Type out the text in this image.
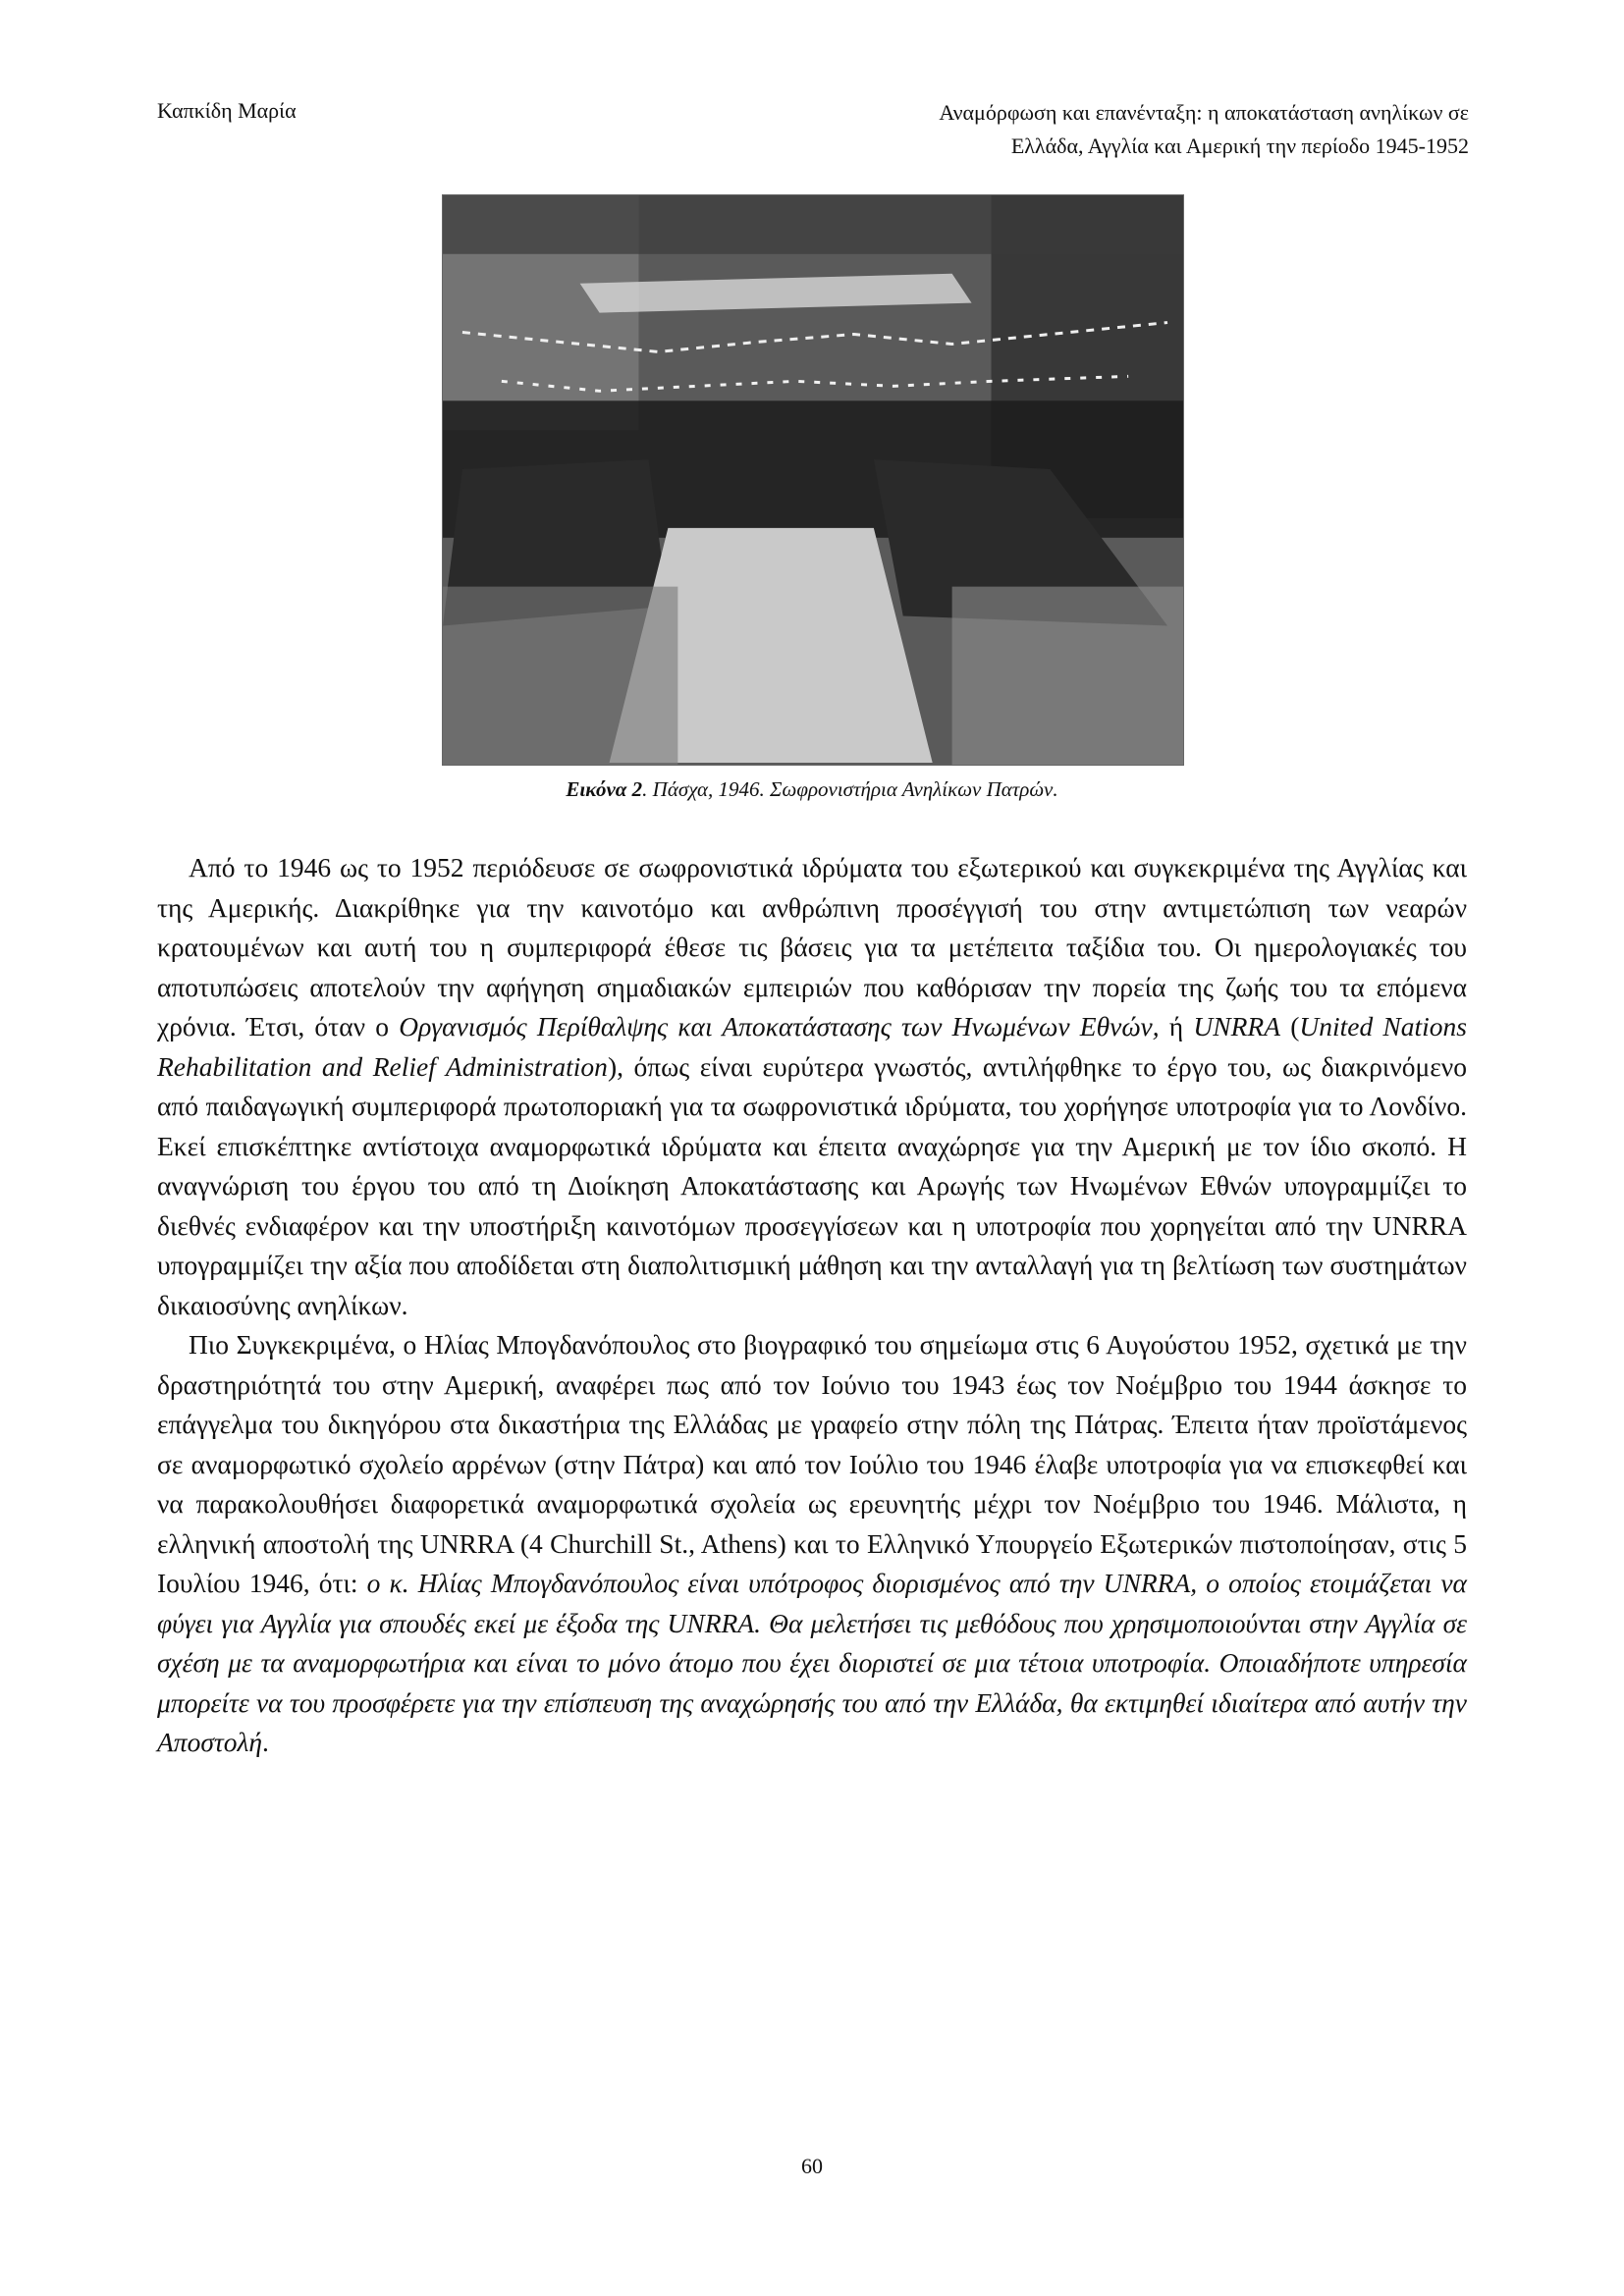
Καπκίδη Μαρία	Αναμόρφωση και επανένταξη: η αποκατάσταση ανηλίκων σε
Ελλάδα, Αγγλία και Αμερική την περίοδο 1945-1952
Εικόνα 2. Πάσχα, 1946. Σωφρονιστήρια Ανηλίκων Πατρών.

Από το 1946 ως το 1952 περιόδευσε σε σωφρονιστικά ιδρύματα του εξωτερικού και συγκεκριμένα της Αγγλίας και της Αμερικής. Διακρίθηκε για την καινοτόμο και ανθρώπινη προσέγγισή του στην αντιμετώπιση των νεαρών κρατουμένων και αυτή του η συμπεριφορά έθεσε τις βάσεις για τα μετέπειτα ταξίδια του. Οι ημερολογιακές του αποτυπώσεις αποτελούν την αφήγηση σημαδιακών εμπειριών που καθόρισαν την πορεία της ζωής του τα επόμενα χρόνια. Έτσι, όταν ο Οργανισμός Περίθαλψης και Αποκατάστασης των Ηνωμένων Εθνών, ή UNRRA (United Nations Rehabilitation and Relief Administration), όπως είναι ευρύτερα γνωστός, αντιλήφθηκε το έργο του, ως διακρινόμενο από παιδαγωγική συμπεριφορά πρωτοποριακή για τα σωφρονιστικά ιδρύματα, του χορήγησε υποτροφία για το Λονδίνο. Εκεί επισκέπτηκε αντίστοιχα αναμορφωτικά ιδρύματα και έπειτα αναχώρησε για την Αμερική με τον ίδιο σκοπό. Η αναγνώριση του έργου του από τη Διοίκηση Αποκατάστασης και Αρωγής των Ηνωμένων Εθνών υπογραμμίζει το διεθνές ενδιαφέρον και την υποστήριξη καινοτόμων προσεγγίσεων και η υποτροφία που χορηγείται από την UNRRA υπογραμμίζει την αξία που αποδίδεται στη διαπολιτισμική μάθηση και την ανταλλαγή για τη βελτίωση των συστημάτων δικαιοσύνης ανηλίκων.

Πιο Συγκεκριμένα, ο Ηλίας Μπογδανόπουλος στο βιογραφικό του σημείωμα στις 6 Αυγούστου 1952, σχετικά με την δραστηριότητά του στην Αμερική, αναφέρει πως από τον Ιούνιο του 1943 έως τον Νοέμβριο του 1944 άσκησε το επάγγελμα του δικηγόρου στα δικαστήρια της Ελλάδας με γραφείο στην πόλη της Πάτρας. Έπειτα ήταν προϊστάμενος σε αναμορφωτικό σχολείο αρρένων (στην Πάτρα) και από τον Ιούλιο του 1946 έλαβε υποτροφία για να επισκεφθεί και να παρακολουθήσει διαφορετικά αναμορφωτικά σχολεία ως ερευνητής μέχρι τον Νοέμβριο του 1946. Μάλιστα, η ελληνική αποστολή της UNRRA (4 Churchill St., Athens) και το Ελληνικό Υπουργείο Εξωτερικών πιστοποίησαν, στις 5 Ιουλίου 1946, ότι: ο κ. Ηλίας Μπογδανόπουλος είναι υπότροφος διορισμένος από την UNRRA, ο οποίος ετοιμάζεται να φύγει για Αγγλία για σπουδές εκεί με έξοδα της UNRRA. Θα μελετήσει τις μεθόδους που χρησιμοποιούνται στην Αγγλία σε σχέση με τα αναμορφωτήρια και είναι το μόνο άτομο που έχει διοριστεί σε μια τέτοια υποτροφία. Οποιαδήποτε υπηρεσία μπορείτε να του προσφέρετε για την επίσπευση της αναχώρησής του από την Ελλάδα, θα εκτιμηθεί ιδιαίτερα από αυτήν την Αποστολή.

60
